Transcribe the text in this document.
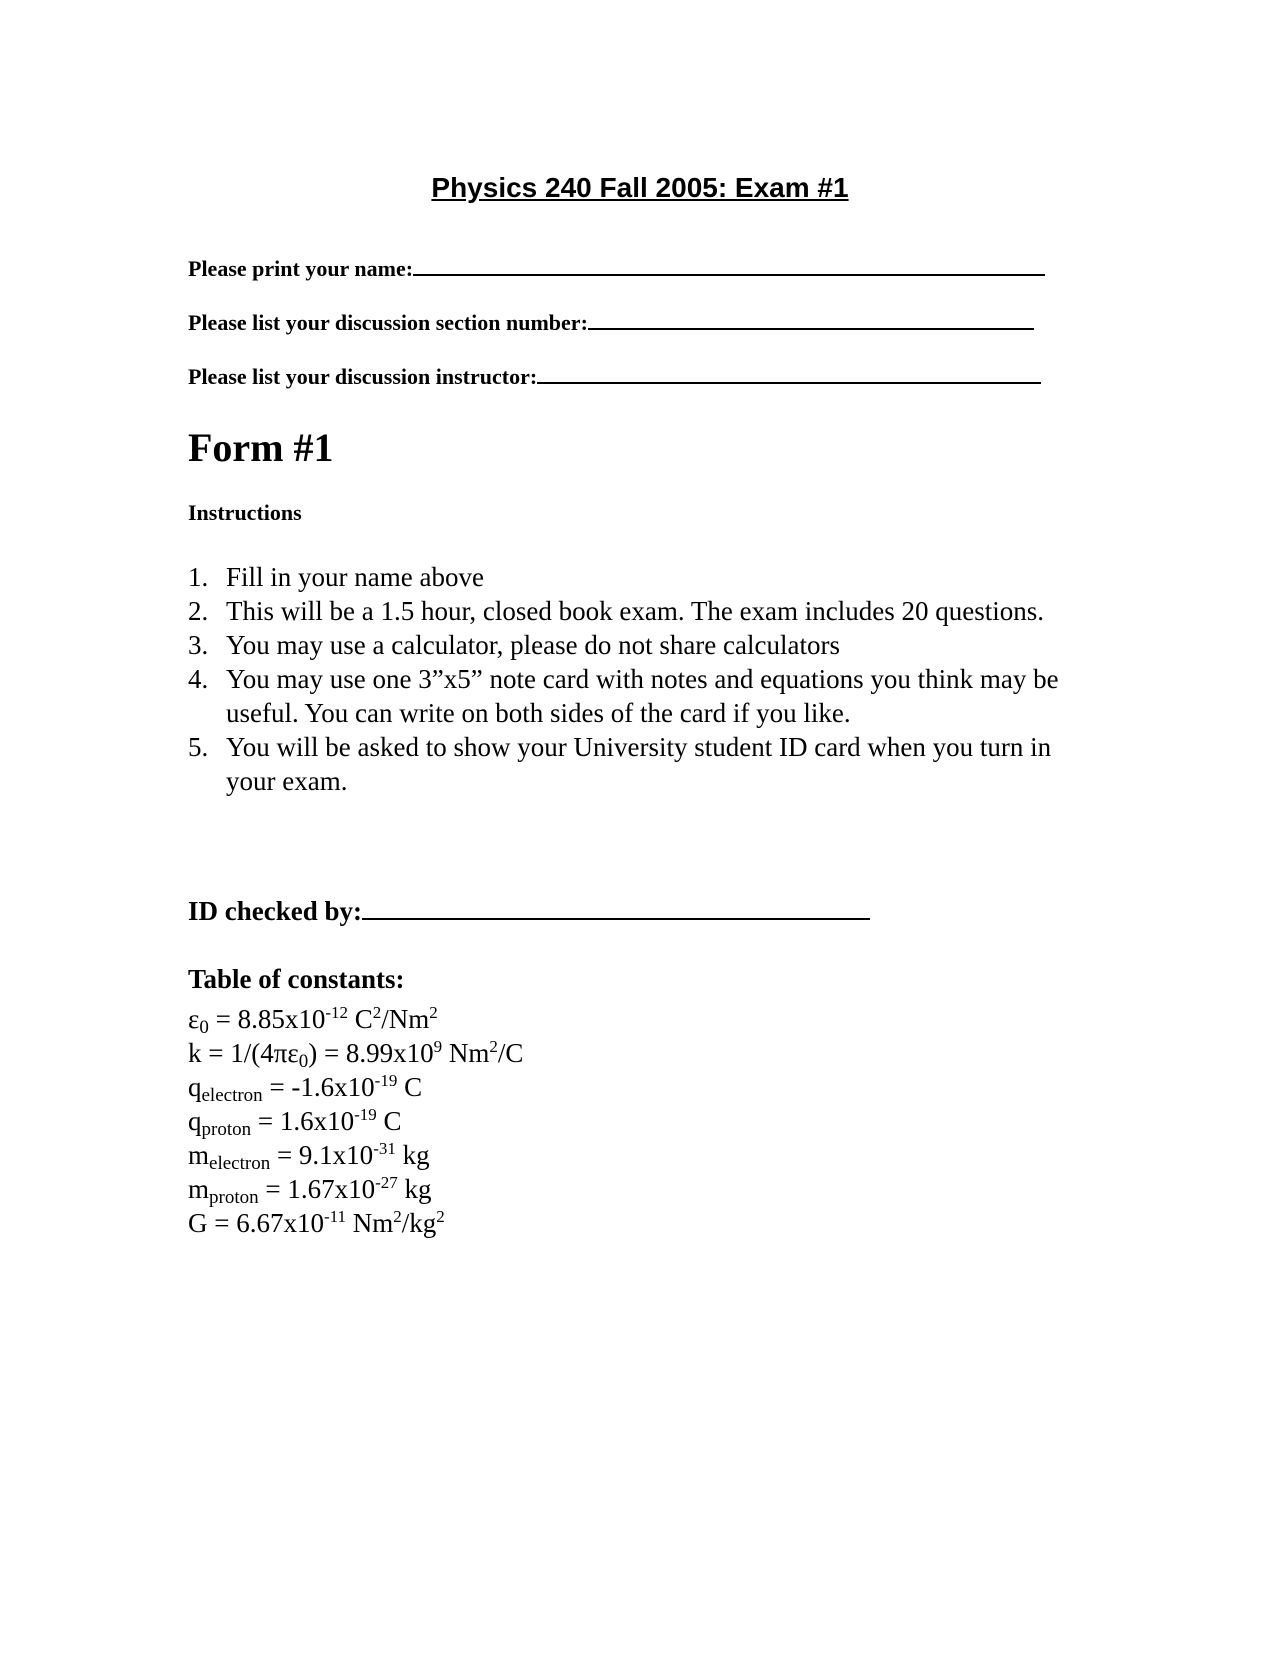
Physics 240 Fall 2005: Exam #1
Please print your name:
Please list your discussion section number:
Please list your discussion instructor:
Form #1
Instructions
1. Fill in your name above
2. This will be a 1.5 hour, closed book exam. The exam includes 20 questions.
3. You may use a calculator, please do not share calculators
4. You may use one 3”x5” note card with notes and equations you think may be useful. You can write on both sides of the card if you like.
5. You will be asked to show your University student ID card when you turn in your exam.
ID checked by:
Table of constants:
$\varepsilon_0 = 8.85x10^{-12}$ $C^2/Nm^2$
$k = 1/(4\pi\varepsilon_0) = 8.99x10^9$ Nm$^2$/C
$q_{electron} = -1.6x10^{-19}$ C
$q_{proton} = 1.6x10^{-19}$ C
$m_{electron} = 9.1x10^{-31}$ kg
$m_{proton} = 1.67x10^{-27}$ kg
$G = 6.67x10^{-11}$ $Nm^2/kg^2$
